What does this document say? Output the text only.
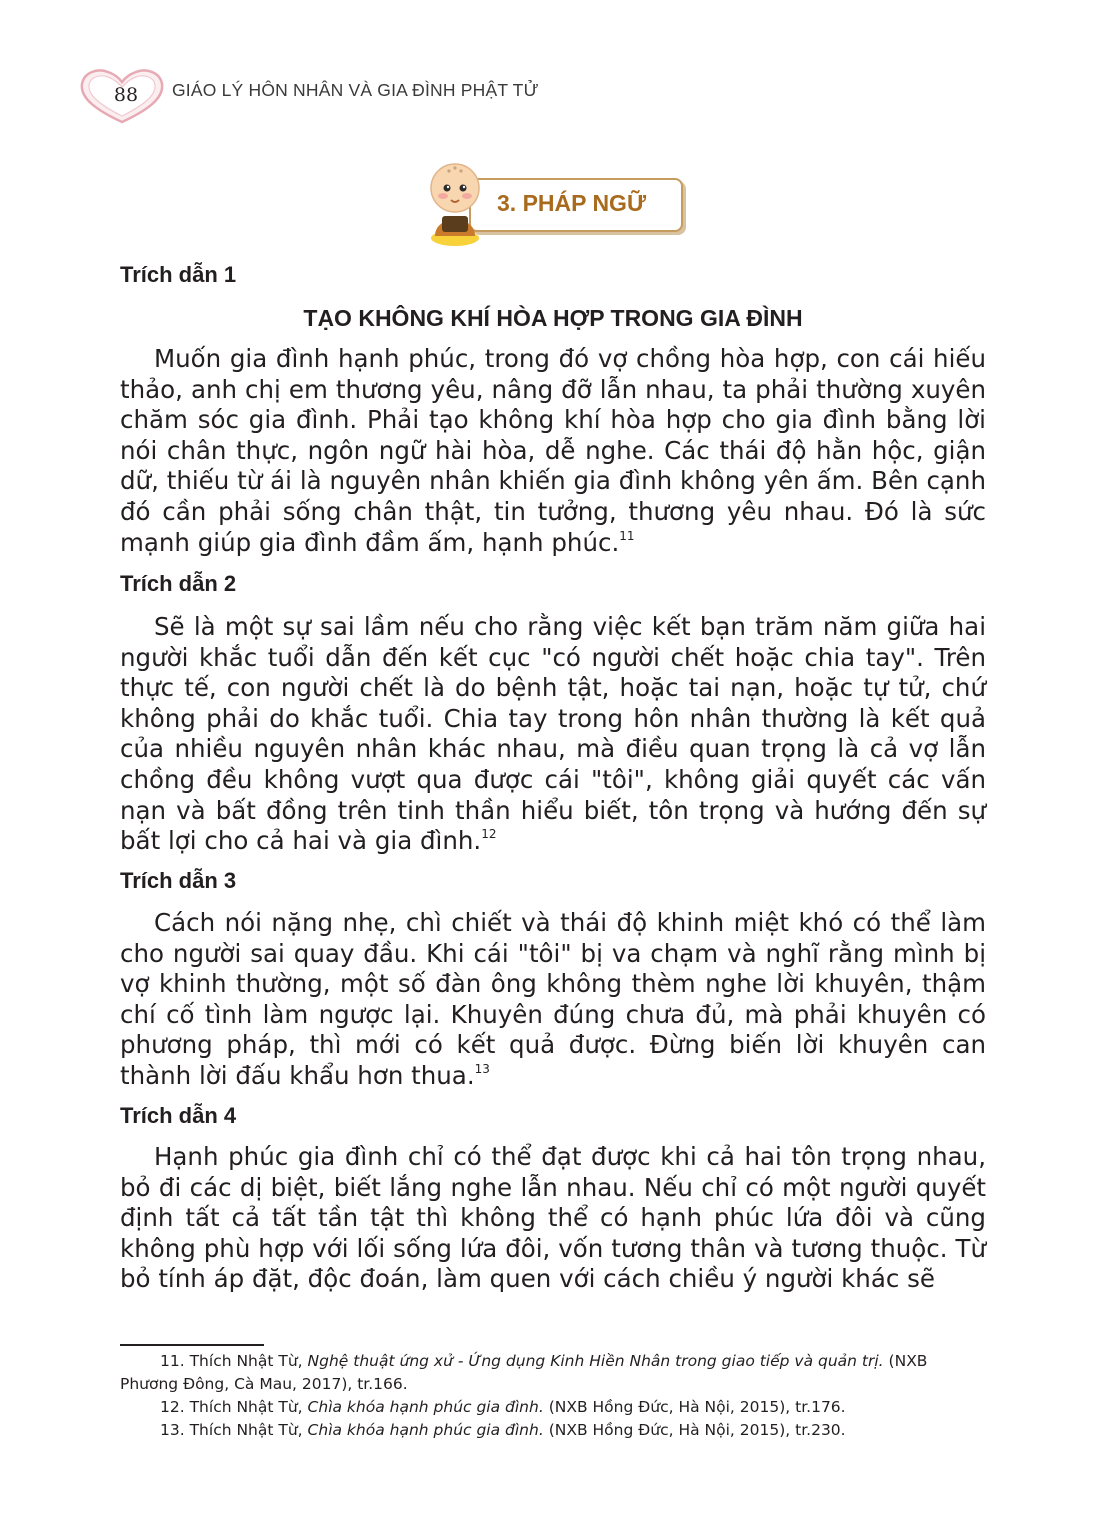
88	GIÁO LÝ HÔN NHÂN VÀ GIA ĐÌNH PHẬT TỬ
3. PHÁP NGỮ
Trích dẫn 1
TẠO KHÔNG KHÍ HÒA HỢP TRONG GIA ĐÌNH
Muốn gia đình hạnh phúc, trong đó vợ chồng hòa hợp, con cái hiếu thảo, anh chị em thương yêu, nâng đỡ lẫn nhau, ta phải thường xuyên chăm sóc gia đình. Phải tạo không khí hòa hợp cho gia đình bằng lời nói chân thực, ngôn ngữ hài hòa, dễ nghe. Các thái độ hằn hộc, giận dữ, thiếu từ ái là nguyên nhân khiến gia đình không yên ấm. Bên cạnh đó cần phải sống chân thật, tin tưởng, thương yêu nhau. Đó là sức mạnh giúp gia đình đầm ấm, hạnh phúc.$^{11}$
Trích dẫn 2
Sẽ là một sự sai lầm nếu cho rằng việc kết bạn trăm năm giữa hai người khắc tuổi dẫn đến kết cục "có người chết hoặc chia tay". Trên thực tế, con người chết là do bệnh tật, hoặc tai nạn, hoặc tự tử, chứ không phải do khắc tuổi. Chia tay trong hôn nhân thường là kết quả của nhiều nguyên nhân khác nhau, mà điều quan trọng là cả vợ lẫn chồng đều không vượt qua được cái "tôi", không giải quyết các vấn nạn và bất đồng trên tinh thần hiểu biết, tôn trọng và hướng đến sự bất lợi cho cả hai và gia đình.$^{12}$
Trích dẫn 3
Cách nói nặng nhẹ, chì chiết và thái độ khinh miệt khó có thể làm cho người sai quay đầu. Khi cái "tôi" bị va chạm và nghĩ rằng mình bị vợ khinh thường, một số đàn ông không thèm nghe lời khuyên, thậm chí cố tình làm ngược lại. Khuyên đúng chưa đủ, mà phải khuyên có phương pháp, thì mới có kết quả được. Đừng biến lời khuyên can thành lời đấu khẩu hơn thua.$^{13}$
Trích dẫn 4
Hạnh phúc gia đình chỉ có thể đạt được khi cả hai tôn trọng nhau, bỏ đi các dị biệt, biết lắng nghe lẫn nhau. Nếu chỉ có một người quyết định tất cả tất tần tật thì không thể có hạnh phúc lứa đôi và cũng không phù hợp với lối sống lứa đôi, vốn tương thân và tương thuộc. Từ bỏ tính áp đặt, độc đoán, làm quen với cách chiều ý người khác sẽ
11. Thích Nhật Từ, Nghệ thuật ứng xử - Ứng dụng Kinh Hiền Nhân trong giao tiếp và quản trị. (NXB Phương Đông, Cà Mau, 2017), tr.166.
12. Thích Nhật Từ, Chìa khóa hạnh phúc gia đình. (NXB Hồng Đức, Hà Nội, 2015), tr.176.
13. Thích Nhật Từ, Chìa khóa hạnh phúc gia đình. (NXB Hồng Đức, Hà Nội, 2015), tr.230.
